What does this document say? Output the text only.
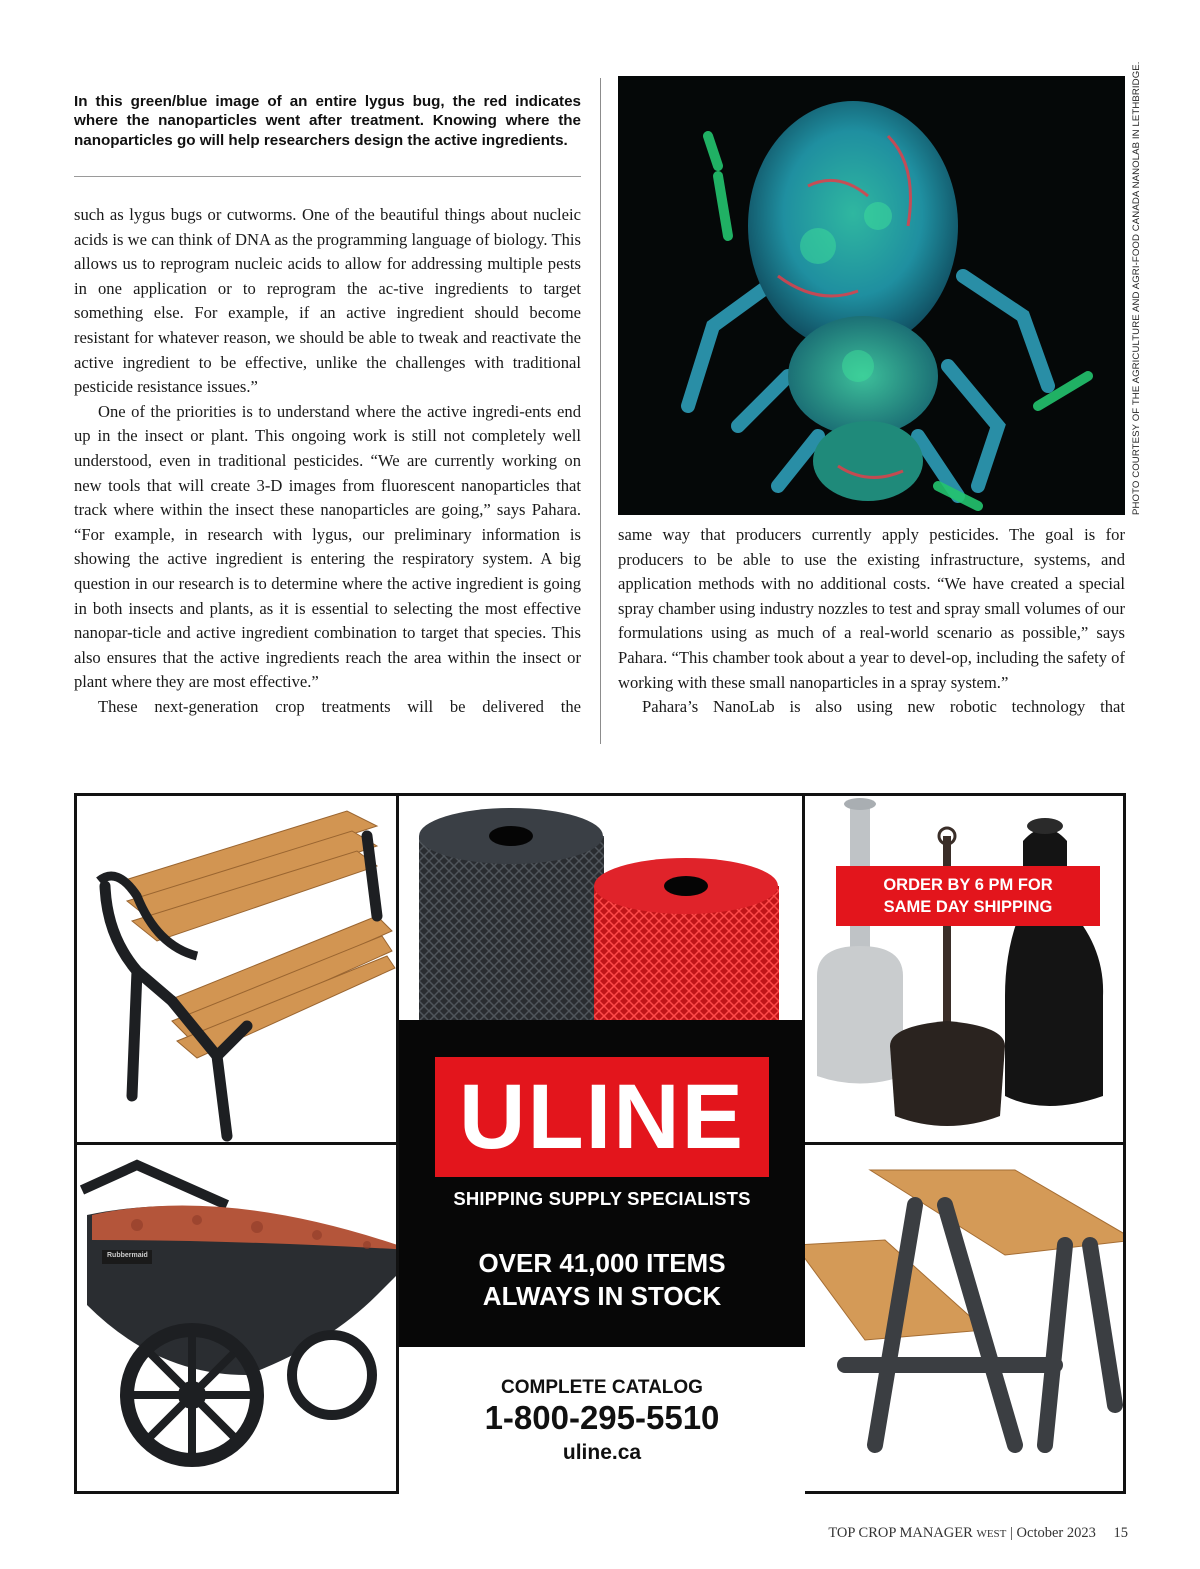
In this green/blue image of an entire lygus bug, the red indicates where the nanoparticles went after treatment. Knowing where the nanoparticles go will help researchers design the active ingredients.

such as lygus bugs or cutworms. One of the beautiful things about nucleic acids is we can think of DNA as the programming language of biology. This allows us to reprogram nucleic acids to allow for addressing multiple pests in one application or to reprogram the ac-tive ingredients to target something else. For example, if an active ingredient should become resistant for whatever reason, we should be able to tweak and reactivate the active ingredient to be effective, unlike the challenges with traditional pesticide resistance issues.”

One of the priorities is to understand where the active ingredi-ents end up in the insect or plant. This ongoing work is still not completely well understood, even in traditional pesticides. “We are currently working on new tools that will create 3-D images from fluorescent nanoparticles that track where within the insect these nanoparticles are going,” says Pahara. “For example, in research with lygus, our preliminary information is showing the active ingredient is entering the respiratory system. A big question in our research is to determine where the active ingredient is going in both insects and plants, as it is essential to selecting the most effective nanopar-ticle and active ingredient combination to target that species. This also ensures that the active ingredients reach the area within the insect or plant where they are most effective.”

These next-generation crop treatments will be delivered the

PHOTO COURTESY OF THE AGRICULTURE AND AGRI-FOOD CANADA NANOLAB IN LETHBRIDGE.

same way that producers currently apply pesticides. The goal is for producers to be able to use the existing infrastructure, systems, and application methods with no additional costs. “We have created a special spray chamber using industry nozzles to test and spray small volumes of our formulations using as much of a real-world scenario as possible,” says Pahara. “This chamber took about a year to devel-op, including the safety of working with these small nanoparticles in a spray system.”

Pahara’s NanoLab is also using new robotic technology that

Rubbermaid
ULINE
SHIPPING SUPPLY SPECIALISTS
OVER 41,000 ITEMS
ALWAYS IN STOCK
COMPLETE CATALOG
1-800-295-5510
uline.ca
ORDER BY 6 PM FOR
SAME DAY SHIPPING
TOP CROP MANAGER WEST | October 2023 15
